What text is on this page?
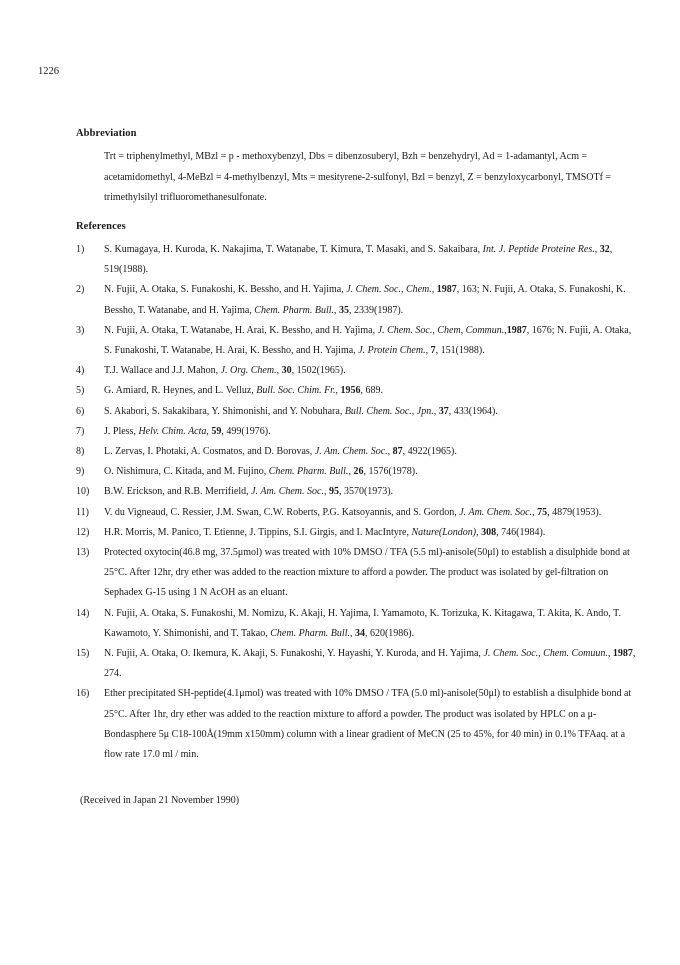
1226
Abbreviation

Trt = triphenylmethyl, MBzl = p - methoxybenzyl, Dbs = dibenzosuberyl, Bzh = benzehydryl, Ad = 1-adamantyl, Acm = acetamidomethyl, 4-MeBzl = 4-methylbenzyl, Mts = mesityrene-2-sulfonyl, Bzl = benzyl, Z = benzyloxycarbonyl, TMSOTf = trimethylsilyl trifluoromethanesulfonate.

References
1)	S. Kumagaya, H. Kuroda, K. Nakajima, T. Watanabe, T. Kimura, T. Masaki, and S. Sakaibara, Int. J. Peptide Proteine Res., 32, 519(1988).
2)	N. Fujii, A. Otaka, S. Funakoshi, K. Bessho, and H. Yajima, J. Chem. Soc., Chem., 1987, 163; N. Fujii, A. Otaka, S. Funakoshi, K. Bessho, T. Watanabe, and H. Yajima, Chem. Pharm. Bull., 35, 2339(1987).
3)	N. Fujii, A. Otaka, T. Watanabe, H. Arai, K. Bessho, and H. Yajima, J. Chem. Soc., Chem, Commun.,1987, 1676; N. Fujii, A. Otaka, S. Funakoshi, T. Watanabe, H. Arai, K. Bessho, and H. Yajima, J. Protein Chem., 7, 151(1988).
4)	T.J. Wallace and J.J. Mahon, J. Org. Chem., 30, 1502(1965).
5)	G. Amiard, R. Heynes, and L. Velluz, Bull. Soc. Chim. Fr., 1956, 689.
6)	S. Akabori, S. Sakakibara, Y. Shimonishi, and Y. Nobuhara, Bull. Chem. Soc., Jpn., 37, 433(1964).
7)	J. Pless, Helv. Chim. Acta, 59, 499(1976).
8)	L. Zervas, I. Photaki, A. Cosmatos, and D. Borovas, J. Am. Chem. Soc., 87, 4922(1965).
9)	O. Nishimura, C. Kitada, and M. Fujino, Chem. Pharm. Bull., 26, 1576(1978).
10)	B.W. Erickson, and R.B. Merrifield, J. Am. Chem. Soc., 95, 3570(1973).
11)	V. du Vigneaud, C. Ressier, J.M. Swan, C.W. Roberts, P.G. Katsoyannis, and S. Gordon, J. Am. Chem. Soc., 75, 4879(1953).
12)	H.R. Morris, M. Panico, T. Etienne, J. Tippins, S.I. Girgis, and I. MacIntyre, Nature(London), 308, 746(1984).
13)	Protected oxytocin(46.8 mg, 37.5μmol) was treated with 10% DMSO / TFA (5.5 ml)-anisole(50μl) to establish a disulphide bond at 25°C. After 12hr, dry ether was added to the reaction mixture to afford a powder. The product was isolated by gel-filtration on Sephadex G-15 using 1 N AcOH as an eluant.
14)	N. Fujii, A. Otaka, S. Funakoshi, M. Nomizu, K. Akaji, H. Yajima, I. Yamamoto, K. Torizuka, K. Kitagawa, T. Akita, K. Ando, T. Kawamoto, Y. Shimonishi, and T. Takao, Chem. Pharm. Bull., 34, 620(1986).
15)	N. Fujii, A. Otaka, O. Ikemura, K. Akaji, S. Funakoshi, Y. Hayashi, Y. Kuroda, and H. Yajima, J. Chem. Soc., Chem. Comuun., 1987, 274.
16)	Ether precipitated SH-peptide(4.1μmol) was treated with 10% DMSO / TFA (5.0 ml)-anisole(50μl) to establish a disulphide bond at 25°C. After 1hr, dry ether was added to the reaction mixture to afford a powder. The product was isolated by HPLC on a μ-Bondasphere 5μ C18-100Å(19mm x150mm) column with a linear gradient of MeCN (25 to 45%, for 40 min) in 0.1% TFAaq. at a flow rate 17.0 ml / min.
(Received in Japan 21 November 1990)
